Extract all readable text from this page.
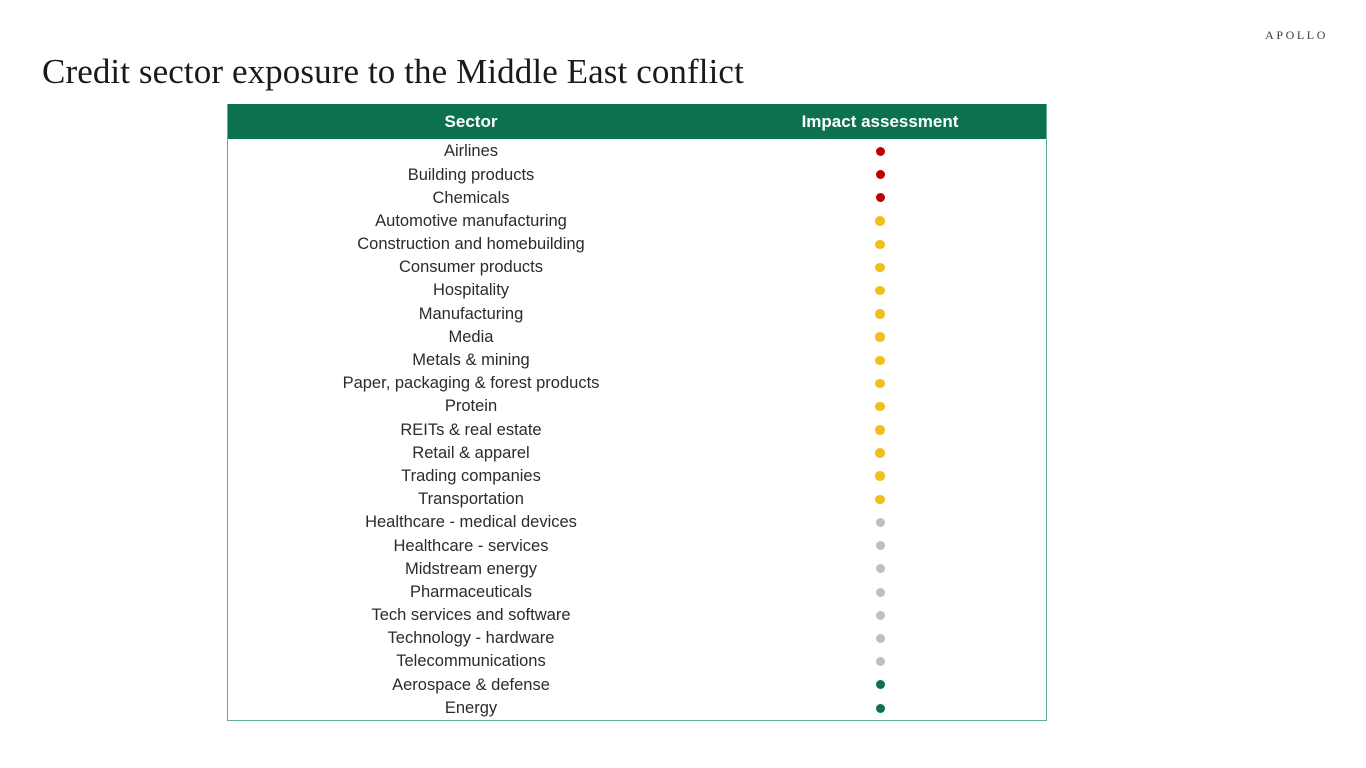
APOLLO
Credit sector exposure to the Middle East conflict
Sector	Impact assessment
Airlines
Building products
Chemicals
Automotive manufacturing
Construction and homebuilding
Consumer products
Hospitality
Manufacturing
Media
Metals & mining
Paper, packaging & forest products
Protein
REITs & real estate
Retail & apparel
Trading companies
Transportation
Healthcare - medical devices
Healthcare - services
Midstream energy
Pharmaceuticals
Tech services and software
Technology - hardware
Telecommunications
Aerospace & defense
Energy
